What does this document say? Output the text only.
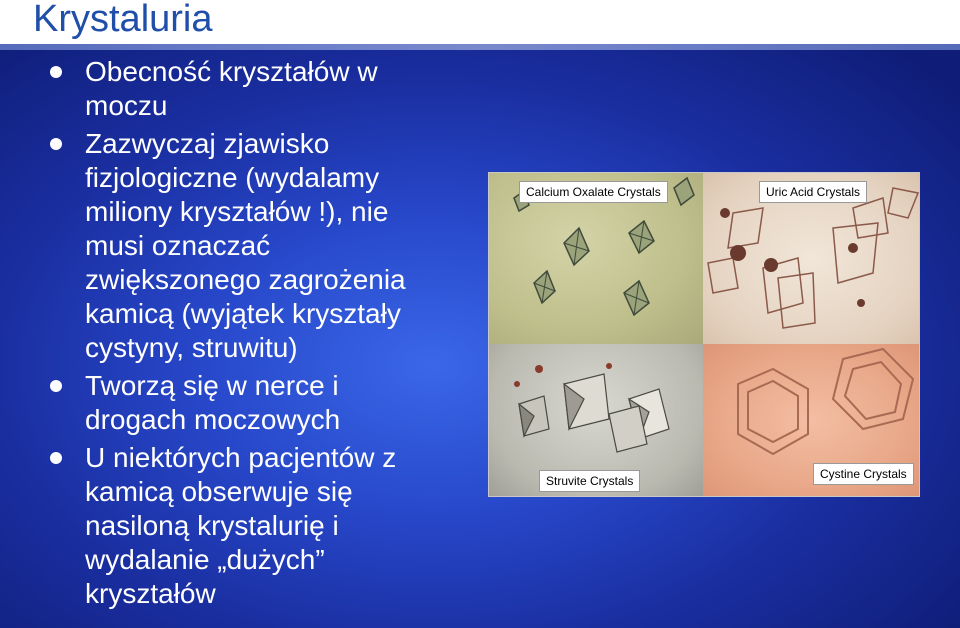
Krystaluria
Obecność kryształów w moczu
Zazwyczaj zjawisko fizjologiczne (wydalamy miliony kryształów !), nie musi oznaczać zwiększonego zagrożenia kamicą (wyjątek kryształy cystyny, struwitu)
Tworzą się w nerce i drogach moczowych
U niektórych pacjentów z kamicą obserwuje się nasiloną krystalurię i wydalanie „dużych” kryształów
Calcium Oxalate Crystals	Uric Acid Crystals
Struvite Crystals	Cystine Crystals
